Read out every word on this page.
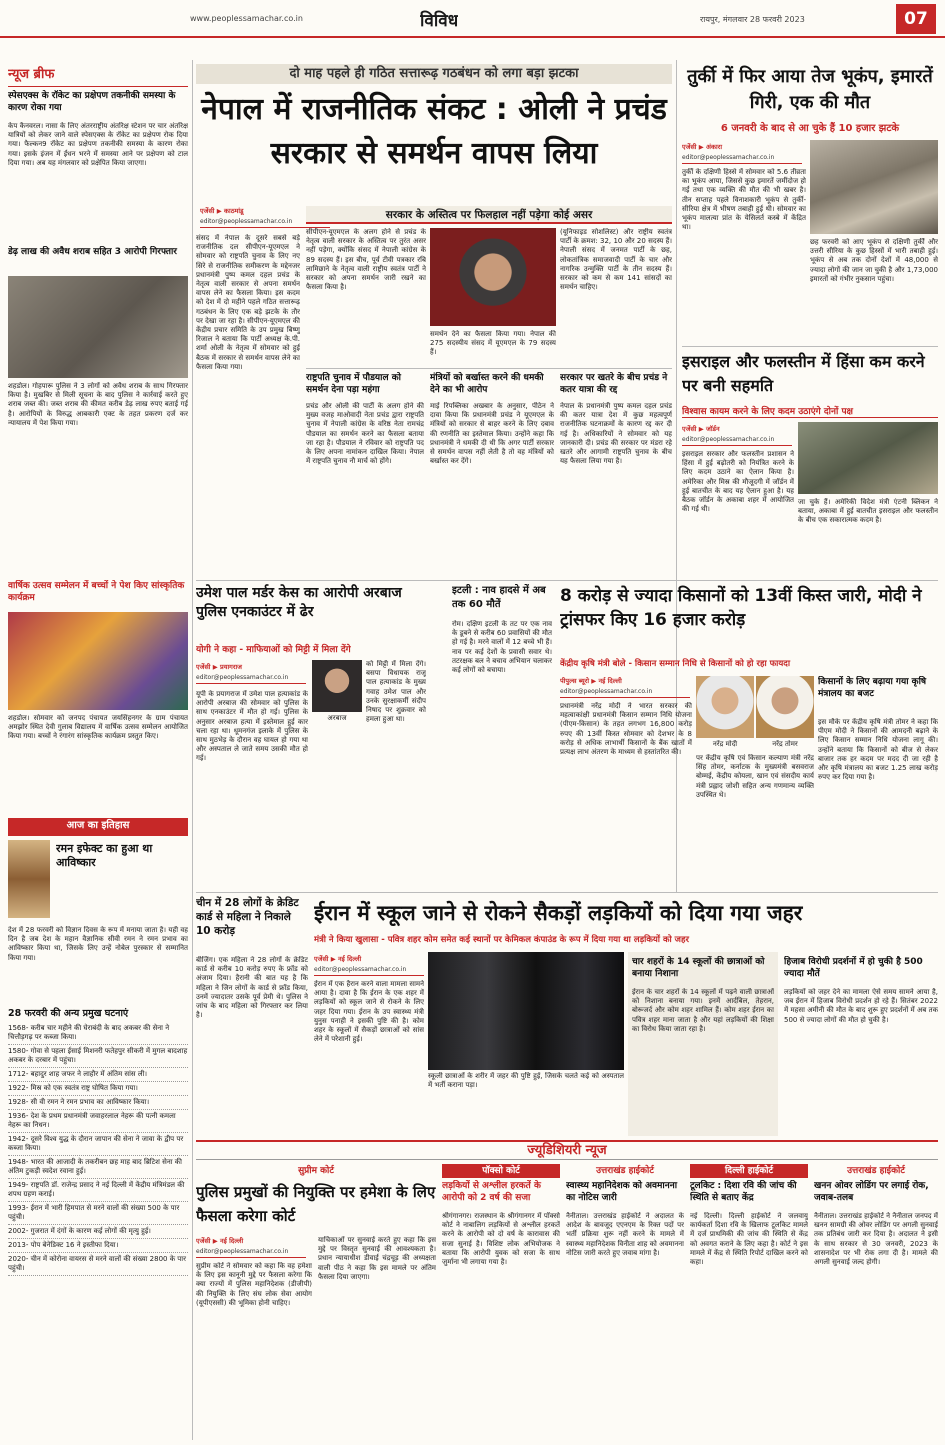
www.peoplessamachar.co.in	विविध	रायपुर, मंगलवार 28 फरवरी 2023	07
न्यूज ब्रीफ
स्पेसएक्स के रॉकेट का प्रक्षेपण तकनीकी समस्या के कारण रोका गया
केप कैनवरल। नासा के लिए अंतरराष्ट्रीय अंतरिक्ष स्टेशन पर चार अंतरिक्ष यात्रियों को लेकर जाने वाले स्पेसएक्स के रॉकेट का प्रक्षेपण रोक दिया गया। फैल्कन9 रॉकेट का प्रक्षेपण तकनीकी समस्या के कारण रोका गया। इसके इंजन में ईंधन भरने में समस्या आने पर प्रक्षेपण को टाल दिया गया। अब यह मंगलवार को प्रक्षेपित किया जाएगा।
डेढ़ लाख की अवैध शराब सहित 3 आरोपी गिरफ्तार
शहडोल। गोहपारू पुलिस ने 3 लोगों को अवैध शराब के साथ गिरफ्तार किया है। मुखबिर से मिली सूचना के बाद पुलिस ने कार्रवाई करते हुए शराब जब्त की। जब्त शराब की कीमत करीब डेढ़ लाख रुपए बताई गई है। आरोपियों के विरुद्ध आबकारी एक्ट के तहत प्रकरण दर्ज कर न्यायालय में पेश किया गया।
वार्षिक उत्सव सम्मेलन में बच्चों ने पेश किए सांस्कृतिक कार्यक्रम
शहडोल। सोमवार को जनपद पंचायत जयसिंहनगर के ग्राम पंचायत अमझोर स्थित देवी गुलाब विद्यालय में वार्षिक उत्सव सम्मेलन आयोजित किया गया। बच्चों ने रंगारंग सांस्कृतिक कार्यक्रम प्रस्तुत किए।
आज का इतिहास
रमन इफेक्ट का हुआ था आविष्कार
देश में 28 फरवरी को विज्ञान दिवस के रूप में मनाया जाता है। यही वह दिन है जब देश के महान वैज्ञानिक सीवी रमन ने रमन प्रभाव का आविष्कार किया था, जिसके लिए उन्हें नोबेल पुरस्कार से सम्मानित किया गया।
28 फरवरी की अन्य प्रमुख घटनाएं
1568- करीब चार महीने की घेराबंदी के बाद अकबर की सेना ने चित्तौड़गढ़ पर कब्जा किया।
1580- गोवा से पहला ईसाई मिशनरी फतेहपुर सीकरी में मुगल बादशाह अकबर के दरबार में पहुंचा।
1712- बहादुर शाह जफर ने लाहौर में अंतिम सांस ली।
1922- मिस्र को एक स्वतंत्र राष्ट्र घोषित किया गया।
1928- सी वी रमन ने रमन प्रभाव का आविष्कार किया।
1936- देश के प्रथम प्रधानमंत्री जवाहरलाल नेहरू की पत्नी कमला नेहरू का निधन।
1942- दूसरे विश्व युद्ध के दौरान जापान की सेना ने जावा के द्वीप पर कब्जा किया।
1948- भारत की आजादी के तकरीबन छह माह बाद ब्रिटिश सेना की अंतिम टुकड़ी स्वदेश रवाना हुई।
1949- राष्ट्रपति डॉ. राजेन्द्र प्रसाद ने नई दिल्ली में केंद्रीय मंत्रिमंडल की शपथ ग्रहण कराई।
1993- ईरान में भारी हिमपात से मरने वालों की संख्या 500 के पार पहुंची।
2002- गुजरात में दंगों के कारण कई लोगों की मृत्यु हुई।
2013- पोप बेनेडिक्ट 16 ने इस्तीफा दिया।
2020- चीन में कोरोना वायरस से मरने वालों की संख्या 2800 के पार पहुंची।
दो माह पहले ही गठित सत्तारूढ़ गठबंधन को लगा बड़ा झटका
नेपाल में राजनीतिक संकट : ओली ने प्रचंड सरकार से समर्थन वापस लिया
एजेंसी ▶ काठमांडू
editor@peoplessamachar.co.in
संसद में नेपाल के दूसरे सबसे बड़े राजनीतिक दल सीपीएन-यूएमएल ने सोमवार को राष्ट्रपति चुनाव के लिए नए सिरे से राजनीतिक समीकरण के मद्देनजर प्रधानमंत्री पुष्प कमल दहल प्रचंड के नेतृत्व वाली सरकार से अपना समर्थन वापस लेने का फैसला किया। इस कदम को देश में दो महीने पहले गठित सत्तारूढ़ गठबंधन के लिए एक बड़े झटके के तौर पर देखा जा रहा है। सीपीएन-यूएमएल की केंद्रीय प्रचार समिति के उप प्रमुख बिष्णु रिजाल ने बताया कि पार्टी अध्यक्ष के.पी. शर्मा ओली के नेतृत्व में सोमवार को हुई बैठक में सरकार से समर्थन वापस लेने का फैसला किया गया।
सरकार के अस्तित्व पर फिलहाल नहीं पड़ेगा कोई असर
सीपीएन-यूएमएल के अलग होने से प्रचंड के नेतृत्व वाली सरकार के अस्तित्व पर तुरंत असर नहीं पड़ेगा, क्योंकि संसद में नेपाली कांग्रेस के 89 सदस्य हैं। इस बीच, पूर्व टीवी पत्रकार रबि लामिछाने के नेतृत्व वाली राष्ट्रीय स्वतंत्र पार्टी ने सरकार को अपना समर्थन जारी रखने का फैसला किया है।
समर्थन देने का फैसला किया गया। नेपाल की 275 सदस्यीय संसद में यूएमएल के 79 सदस्य हैं।
(यूनिफाइड सोशलिस्ट) और राष्ट्रीय स्वतंत्र पार्टी के क्रमश: 32, 10 और 20 सदस्य हैं। नेपाली संसद में जनमत पार्टी के छह, लोकतांत्रिक समाजवादी पार्टी के चार और नागरिक उन्मुक्ति पार्टी के तीन सदस्य हैं। सरकार को कम से कम 141 सांसदों का समर्थन चाहिए।
राष्ट्रपति चुनाव में पौडयाल को समर्थन देना पड़ा महंगा
प्रचंड और ओली की पार्टी के अलग होने की मुख्य वजह माओवादी नेता प्रचंड द्वारा राष्ट्रपति चुनाव में नेपाली कांग्रेस के वरिष्ठ नेता रामचंद्र पौडयाल का समर्थन करने का फैसला बताया जा रहा है। पौडयाल ने रविवार को राष्ट्रपति पद के लिए अपना नामांकन दाखिल किया। नेपाल में राष्ट्रपति चुनाव नौ मार्च को होंगे।
मंत्रियों को बर्खास्त करने की धमकी देने का भी आरोप
माई रिपब्लिका अखबार के अनुसार, पीठेन ने दावा किया कि प्रधानमंत्री प्रचंड ने यूएमएल के मंत्रियों को सरकार से बाहर करने के लिए दबाव की रणनीति का इस्तेमाल किया। उन्होंने कहा कि प्रधानमंत्री ने धमकी दी थी कि अगर पार्टी सरकार से समर्थन वापस नहीं लेती है तो वह मंत्रियों को बर्खास्त कर देंगे।
सरकार पर खतरे के बीच प्रचंड ने कतर यात्रा की रद्द
नेपाल के प्रधानमंत्री पुष्प कमल दहल प्रचंड की कतर यात्रा देश में कुछ महत्वपूर्ण राजनीतिक घटनाक्रमों के कारण रद्द कर दी गई है। अधिकारियों ने सोमवार को यह जानकारी दी। प्रचंड की सरकार पर मंडरा रहे खतरे और आगामी राष्ट्रपति चुनाव के बीच यह फैसला लिया गया है।
तुर्की में फिर आया तेज भूकंप, इमारतें गिरी, एक की मौत
6 जनवरी के बाद से आ चुके हैं 10 हजार झटके
एजेंसी ▶ अंकारा
editor@peoplessamachar.co.in
तुर्की के दक्षिणी हिस्से में सोमवार को 5.6 तीव्रता का भूकंप आया, जिससे कुछ इमारतें जमींदोज हो गईं तथा एक व्यक्ति की मौत की भी खबर है। तीन सप्ताह पहले विनाशकारी भूकंप से तुर्की-सीरिया क्षेत्र में भीषण तबाही हुई थी। सोमवार का भूकंप मालत्या प्रांत के येसिलर्त कस्बे में केंद्रित था।
छह फरवरी को आए भूकंप से दक्षिणी तुर्की और उत्तरी सीरिया के कुछ हिस्सों में भारी तबाही हुई। भूकंप से अब तक दोनों देशों में 48,000 से ज्यादा लोगों की जान जा चुकी है और 1,73,000 इमारतों को गंभीर नुकसान पहुंचा।
इसराइल और फलस्तीन में हिंसा कम करने पर बनी सहमति
विश्वास कायम करने के लिए कदम उठाएंगे दोनों पक्ष
एजेंसी ▶ जॉर्डन
editor@peoplessamachar.co.in
इसराइल सरकार और फलस्तीन प्रशासन ने हिंसा में हुई बढ़ोतरी को नियंत्रित करने के लिए कदम उठाने का ऐलान किया है। अमेरिका और मिस्र की मौजूदगी में जॉर्डन में हुई बातचीत के बाद यह ऐलान हुआ है। यह बैठक जॉर्डन के अकाबा शहर में आयोजित की गई थी।
जा चुके हैं। अमेरिकी विदेश मंत्री एंटनी ब्लिंकन ने बताया, अकाबा में हुई बातचीत इसराइल और फलस्तीन के बीच एक सकारात्मक कदम है।
उमेश पाल मर्डर केस का आरोपी अरबाज पुलिस एनकाउंटर में ढेर
योगी ने कहा - माफियाओं को मिट्टी में मिला देंगे
एजेंसी ▶ प्रयागराज
editor@peoplessamachar.co.in
अरबाज
यूपी के प्रयागराज में उमेश पाल हत्याकांड के आरोपी अरबाज की सोमवार को पुलिस के साथ एनकाउंटर में मौत हो गई। पुलिस के अनुसार अरबाज हत्या में इस्तेमाल हुई कार चला रहा था। धूमनगंज इलाके में पुलिस के साथ मुठभेड़ के दौरान वह घायल हो गया था और अस्पताल ले जाते समय उसकी मौत हो गई।
को मिट्टी में मिला देंगे। बसपा विधायक राजू पाल हत्याकांड के मुख्य गवाह उमेश पाल और उनके सुरक्षाकर्मी संदीप निषाद पर शुक्रवार को हमला हुआ था।
इटली : नाव हादसे में अब तक 60 मौतें
रोम। दक्षिण इटली के तट पर एक नाव के डूबने से करीब 60 प्रवासियों की मौत हो गई है। मरने वालों में 12 बच्चे भी हैं। नाव पर कई देशों के प्रवासी सवार थे। तटरक्षक बल ने बचाव अभियान चलाकर कई लोगों को बचाया।
8 करोड़ से ज्यादा किसानों को 13वीं किस्त जारी, मोदी ने ट्रांसफर किए 16 हजार करोड़
केंद्रीय कृषि मंत्री बोले - किसान सम्मान निधि से किसानों को हो रहा फायदा
पीपुल्स ब्यूरो ▶ नई दिल्ली
editor@peoplessamachar.co.in
प्रधानमंत्री नरेंद्र मोदी ने भारत सरकार की महत्वाकांक्षी प्रधानमंत्री किसान सम्मान निधि योजना (पीएम-किसान) के तहत लगभग 16,800 करोड़ रुपए की 13वीं किस्त सोमवार को देशभर के 8 करोड़ से अधिक लाभार्थी किसानों के बैंक खातों में प्रत्यक्ष लाभ अंतरण के माध्यम से हस्तांतरित की।
नरेंद्र मोदी	नरेंद्र तोमर
पर केंद्रीय कृषि एवं किसान कल्याण मंत्री नरेंद्र सिंह तोमर, कर्नाटक के मुख्यमंत्री बसवराज बोम्मई, केंद्रीय कोयला, खान एवं संसदीय कार्य मंत्री प्रह्लाद जोशी सहित अन्य गणमान्य व्यक्ति उपस्थित थे।
किसानों के लिए बढ़ाया गया कृषि मंत्रालय का बजट
इस मौके पर केंद्रीय कृषि मंत्री तोमर ने कहा कि पीएम मोदी ने किसानों की आमदनी बढ़ाने के लिए किसान सम्मान निधि योजना लागू की। उन्होंने बताया कि किसानों को बीज से लेकर बाजार तक हर कदम पर मदद दी जा रही है और कृषि मंत्रालय का बजट 1.25 लाख करोड़ रुपए कर दिया गया है।
चीन में 28 लोगों के क्रेडिट कार्ड से महिला ने निकाले 10 करोड़
बीजिंग। एक महिला ने 28 लोगों के क्रेडिट कार्ड से करीब 10 करोड़ रुपए के फ्रॉड को अंजाम दिया। हैरानी की बात यह है कि महिला ने जिन लोगों के कार्ड से फ्रॉड किया, उनमें ज्यादातर उसके पूर्व प्रेमी थे। पुलिस ने जांच के बाद महिला को गिरफ्तार कर लिया है।
ईरान में स्कूल जाने से रोकने सैकड़ों लड़कियों को दिया गया जहर
मंत्री ने किया खुलासा - पवित्र शहर कोम समेत कई स्थानों पर केमिकल कंपाउंड के रूप में दिया गया था लड़कियों को जहर
एजेंसी ▶ नई दिल्ली
editor@peoplessamachar.co.in
ईरान में एक हैरान करने वाला मामला सामने आया है। दावा है कि ईरान के एक शहर में लड़कियों को स्कूल जाने से रोकने के लिए जहर दिया गया। ईरान के उप स्वास्थ्य मंत्री युनुस पनाही ने इसकी पुष्टि की है। कोम शहर के स्कूलों में सैकड़ों छात्राओं को सांस लेने में परेशानी हुई।
स्कूली छात्राओं के शरीर में जहर की पुष्टि हुई, जिसके चलते कई को अस्पताल में भर्ती कराना पड़ा।
चार शहरों के 14 स्कूलों की छात्राओं को बनाया निशाना
ईरान के चार शहरों के 14 स्कूलों में पढ़ने वाली छात्राओं को निशाना बनाया गया। इनमें आर्दबिल, तेहरान, बोरूजर्द और कोम शहर शामिल हैं। कोम शहर ईरान का पवित्र शहर माना जाता है और यहां लड़कियों की शिक्षा का विरोध किया जाता रहा है।
हिजाब विरोधी प्रदर्शनों में हो चुकी है 500 ज्यादा मौतें
लड़कियों को जहर देने का मामला ऐसे समय सामने आया है, जब ईरान में हिजाब विरोधी प्रदर्शन हो रहे हैं। सितंबर 2022 में महसा अमीनी की मौत के बाद शुरू हुए प्रदर्शनों में अब तक 500 से ज्यादा लोगों की मौत हो चुकी है।
ज्यूडिशियरी न्यूज
सुप्रीम कोर्ट
पुलिस प्रमुखों की नियुक्ति पर हमेशा के लिए फैसला करेगा कोर्ट
एजेंसी ▶ नई दिल्ली
editor@peoplessamachar.co.in
सुप्रीम कोर्ट ने सोमवार को कहा कि वह हमेशा के लिए इस कानूनी मुद्दे पर फैसला करेगा कि क्या राज्यों में पुलिस महानिदेशक (डीजीपी) की नियुक्ति के लिए संघ लोक सेवा आयोग (यूपीएससी) की भूमिका होनी चाहिए।
याचिकाओं पर सुनवाई करते हुए कहा कि इस मुद्दे पर विस्तृत सुनवाई की आवश्यकता है। प्रधान न्यायाधीश डीवाई चंद्रचूड़ की अध्यक्षता वाली पीठ ने कहा कि इस मामले पर अंतिम फैसला दिया जाएगा।
पॉक्सो कोर्ट
लड़कियों से अश्लील हरकतें के आरोपी को 2 वर्ष की सजा
श्रीगंगानगर। राजस्थान के श्रीगंगानगर में पॉक्सो कोर्ट ने नाबालिग लड़कियों से अश्लील हरकतें करने के आरोपी को दो वर्ष के कारावास की सजा सुनाई है। विशिष्ट लोक अभियोजक ने बताया कि आरोपी युवक को सजा के साथ जुर्माना भी लगाया गया है।
उत्तराखंड हाईकोर्ट
स्वास्थ्य महानिदेशक को अवमानना का नोटिस जारी
नैनीताल। उत्तराखंड हाईकोर्ट ने अदालत के आदेश के बावजूद एएनएम के रिक्त पदों पर भर्ती प्रक्रिया शुरू नहीं करने के मामले में स्वास्थ्य महानिदेशक विनीता शाह को अवमानना नोटिस जारी करते हुए जवाब मांगा है।
दिल्ली हाईकोर्ट
टूलकिट : दिशा रवि की जांच की स्थिति से बताए केंद्र
नई दिल्ली। दिल्ली हाईकोर्ट ने जलवायु कार्यकर्ता दिशा रवि के खिलाफ टूलकिट मामले में दर्ज प्राथमिकी की जांच की स्थिति से केंद्र को अवगत कराने के लिए कहा है। कोर्ट ने इस मामले में केंद्र से स्थिति रिपोर्ट दाखिल करने को कहा।
उत्तराखंड हाईकोर्ट
खनन ओवर लोडिंग पर लगाई रोक, जवाब-तलब
नैनीताल। उत्तराखंड हाईकोर्ट ने नैनीताल जनपद में खनन सामग्री की ओवर लोडिंग पर अगली सुनवाई तक प्रतिबंध जारी कर दिया है। अदालत ने इसी के साथ सरकार से 30 जनवरी, 2023 के शासनादेश पर भी रोक लगा दी है। मामले की अगली सुनवाई जल्द होगी।
